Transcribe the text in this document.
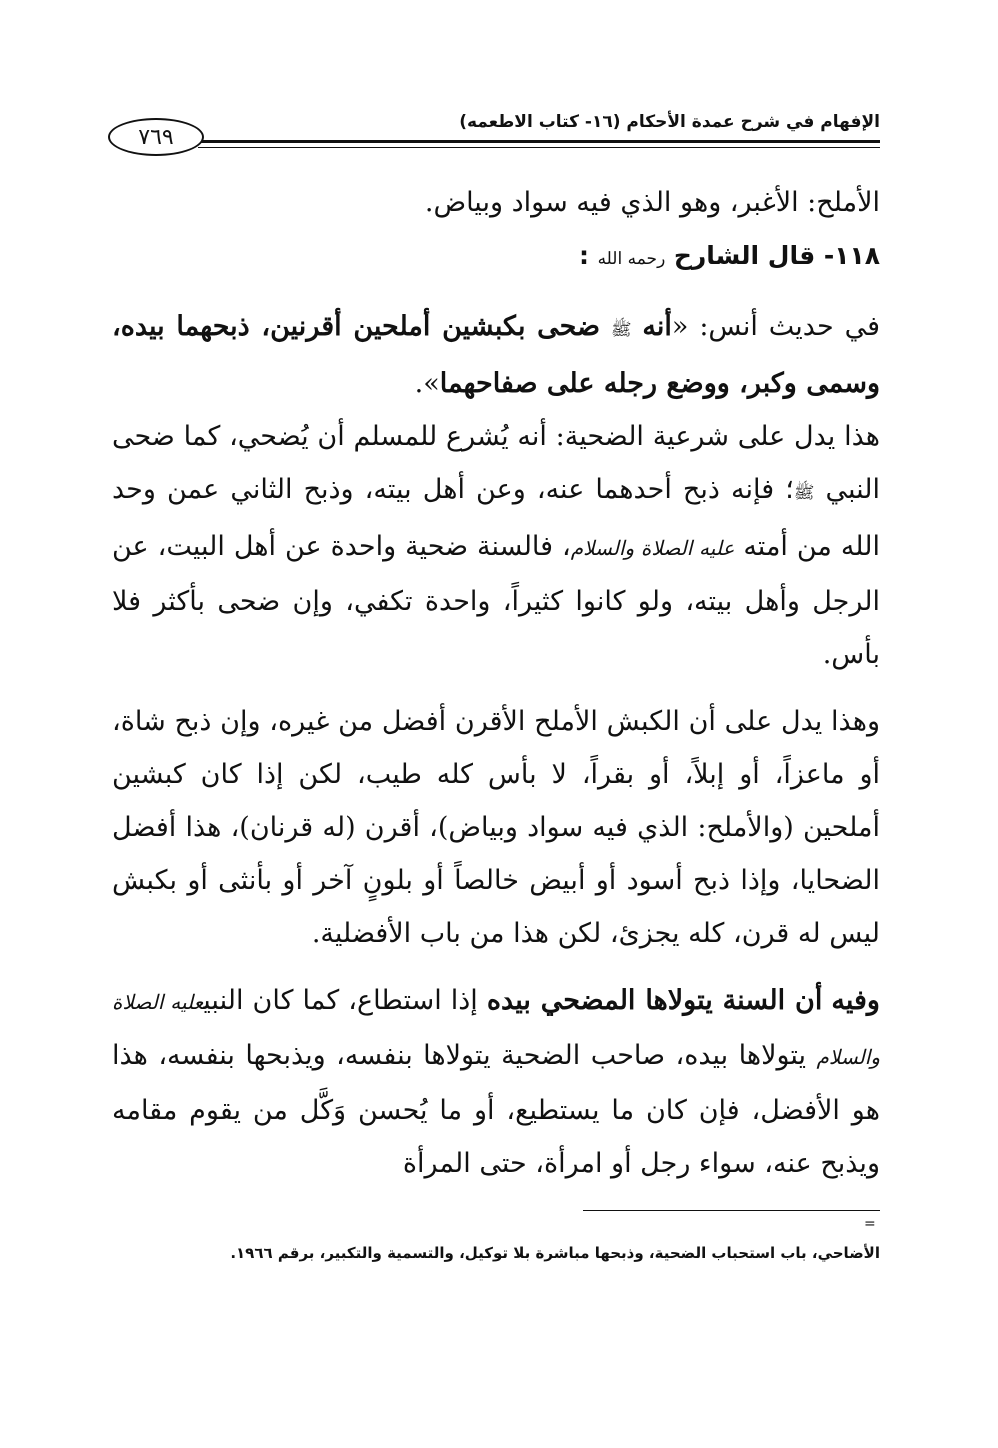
٧٦٩
الإفهام في شرح عمدة الأحكام (١٦- كتاب الاطعمه)

الأملح: الأغبر، وهو الذي فيه سواد وبياض.

١١٨- قال الشارح رحمه الله :

في حديث أنس: «أنه ﷺ ضحى بكبشين أملحين أقرنين، ذبحهما بيده، وسمى وكبر، ووضع رجله على صفاحهما».

هذا يدل على شرعية الضحية: أنه يُشرع للمسلم أن يُضحي، كما ضحى النبي ﷺ؛ فإنه ذبح أحدهما عنه، وعن أهل بيته، وذبح الثاني عمن وحد الله من أمته عليه الصلاة والسلام، فالسنة ضحية واحدة عن أهل البيت، عن الرجل وأهل بيته، ولو كانوا كثيراً، واحدة تكفي، وإن ضحى بأكثر فلا بأس.

وهذا يدل على أن الكبش الأملح الأقرن أفضل من غيره، وإن ذبح شاة، أو ماعزاً، أو إبلاً، أو بقراً، لا بأس كله طيب، لكن إذا كان كبشين أملحين (والأملح: الذي فيه سواد وبياض)، أقرن (له قرنان)، هذا أفضل الضحايا، وإذا ذبح أسود أو أبيض خالصاً أو بلونٍ آخر أو بأنثى أو بكبش ليس له قرن، كله يجزئ، لكن هذا من باب الأفضلية.

وفيه أن السنة يتولاها المضحي بيده إذا استطاع، كما كان النبيعليه الصلاة والسلام يتولاها بيده، صاحب الضحية يتولاها بنفسه، ويذبحها بنفسه، هذا هو الأفضل، فإن كان ما يستطيع، أو ما يُحسن وَكَّل من يقوم مقامه ويذبح عنه، سواء رجل أو امرأة، حتى المرأة

=
الأضاحي، باب استحباب الضحية، وذبحها مباشرة بلا توكيل، والتسمية والتكبير، برقم ١٩٦٦.
